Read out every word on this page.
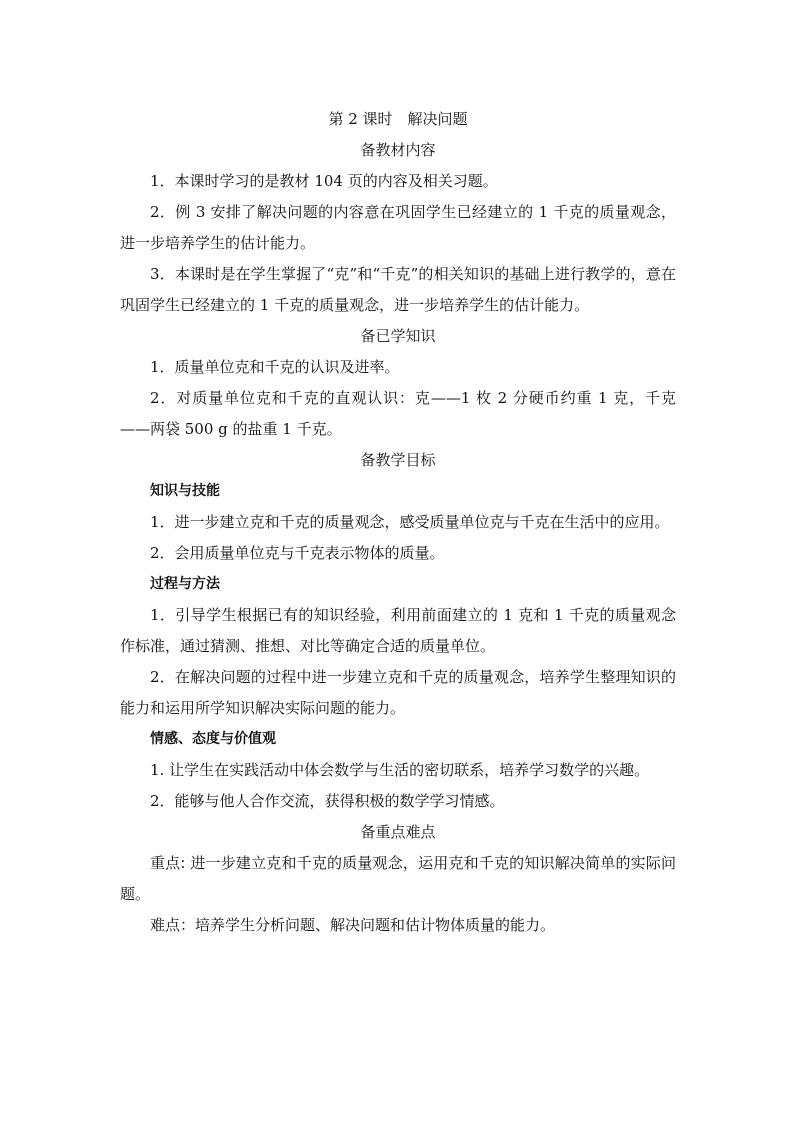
第 2 课时　解决问题
备教材内容

1．本课时学习的是教材 104 页的内容及相关习题。

2．例 3 安排了解决问题的内容意在巩固学生已经建立的 1 千克的质量观念，进一步培养学生的估计能力。

3．本课时是在学生掌握了“克”和“千克”的相关知识的基础上进行教学的，意在巩固学生已经建立的 1 千克的质量观念，进一步培养学生的估计能力。

备已学知识

1．质量单位克和千克的认识及进率。

2．对质量单位克和千克的直观认识：克——1 枚 2 分硬币约重 1 克，千克——两袋 500 g 的盐重 1 千克。

备教学目标
知识与技能

1．进一步建立克和千克的质量观念，感受质量单位克与千克在生活中的应用。

2．会用质量单位克与千克表示物体的质量。

过程与方法

1．引导学生根据已有的知识经验，利用前面建立的 1 克和 1 千克的质量观念作标准，通过猜测、推想、对比等确定合适的质量单位。

2．在解决问题的过程中进一步建立克和千克的质量观念，培养学生整理知识的能力和运用所学知识解决实际问题的能力。

情感、态度与价值观

1. 让学生在实践活动中体会数学与生活的密切联系，培养学习数学的兴趣。

2．能够与他人合作交流，获得积极的数学学习情感。

备重点难点

重点: 进一步建立克和千克的质量观念，运用克和千克的知识解决简单的实际问题。

难点：培养学生分析问题、解决问题和估计物体质量的能力。
